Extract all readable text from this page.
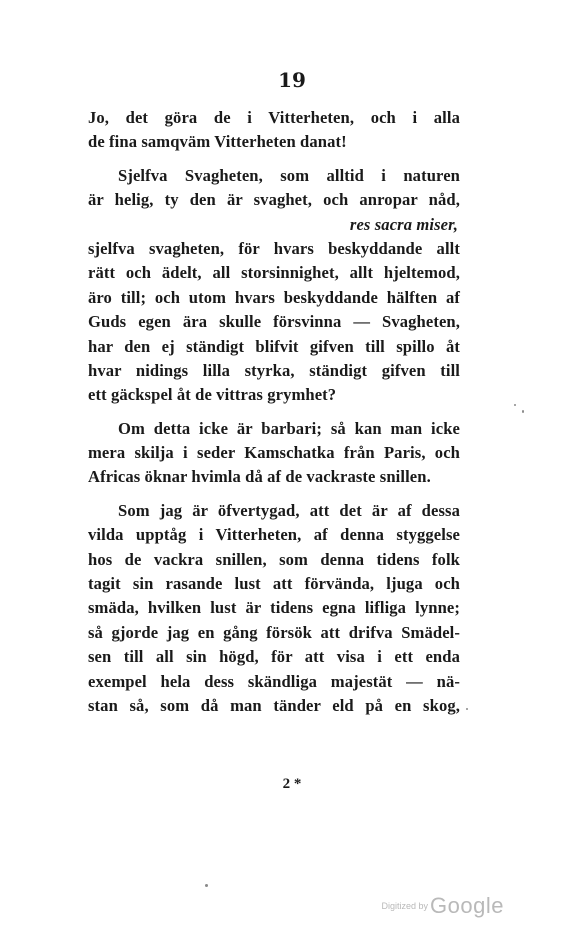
19
Jo, det göra de i Vitterheten, och i alla
de fina samqväm Vitterheten danat!
Sjelfva Svagheten, som alltid i naturen
är helig, ty den är svaghet, och anropar nåd,
res sacra miser,
sjelfva svagheten, för hvars beskyddande allt
rätt och ädelt, all storsinnighet, allt hjeltemod,
äro till; och utom hvars beskyddande hälften af
Guds egen ära skulle försvinna — Svagheten,
har den ej ständigt blifvit gifven till spillo åt
hvar nidings lilla styrka, ständigt gifven till
ett gäckspel åt de vittras grymhet?
Om detta icke är barbari; så kan man icke
mera skilja i seder Kamschatka från Paris, och
Africas öknar hvimla då af de vackraste snillen.
Som jag är öfvertygad, att det är af dessa
vilda upptåg i Vitterheten, af denna styggelse
hos de vackra snillen, som denna tidens folk
tagit sin rasande lust att förvända, ljuga och
smäda, hvilken lust är tidens egna lifliga lynne;
så gjorde jag en gång försök att drifva Smädel-
sen till all sin högd, för att visa i ett enda
exempel hela dess skändliga majestät — nä-
stan så, som då man tänder eld på en skog,
2 *
$^{Digitized by}$Google
